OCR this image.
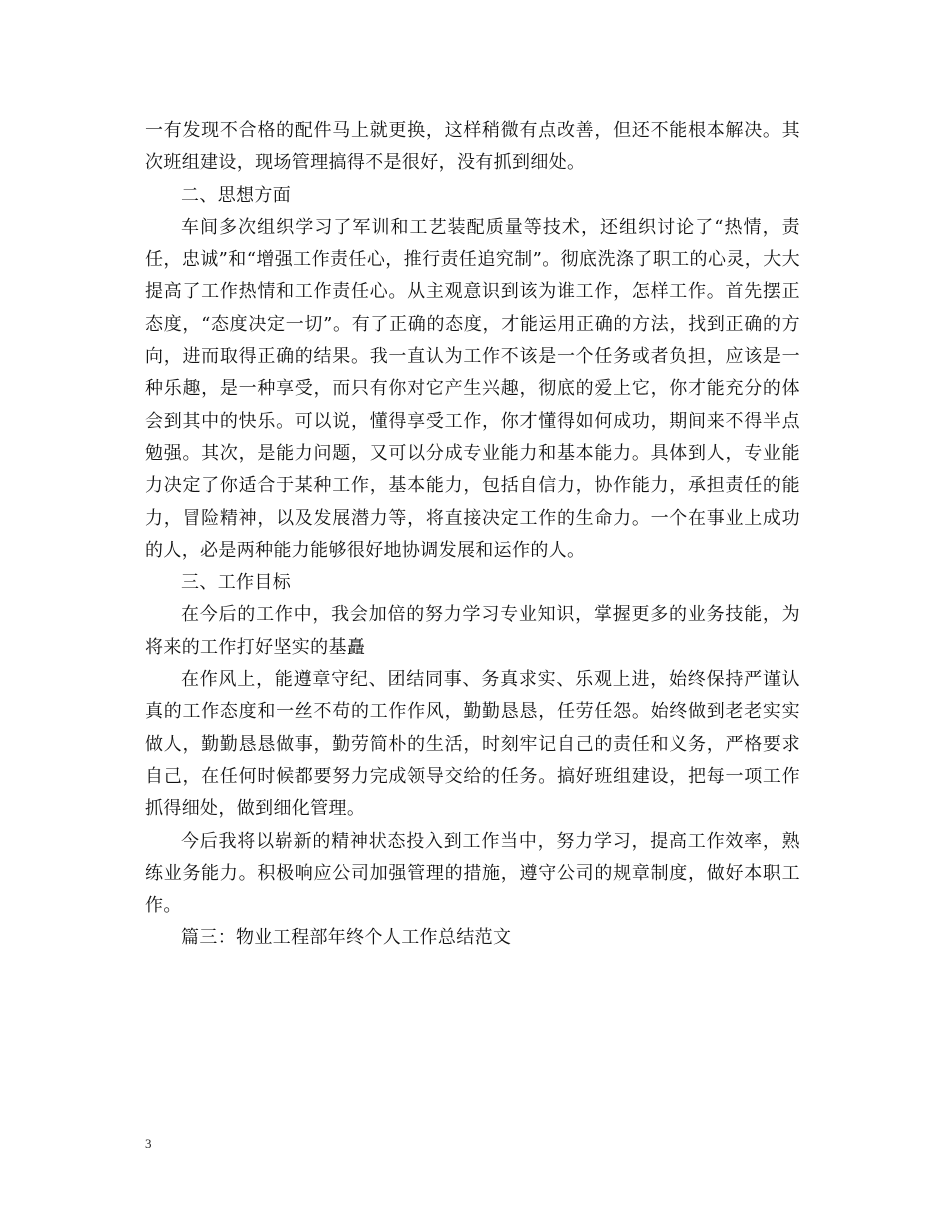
一有发现不合格的配件马上就更换，这样稍微有点改善，但还不能根本解决。其次班组建设，现场管理搞得不是很好，没有抓到细处。

二、思想方面

车间多次组织学习了军训和工艺装配质量等技术，还组织讨论了“热情，责任，忠诚”和“增强工作责任心，推行责任追究制”。彻底洗涤了职工的心灵，大大提高了工作热情和工作责任心。从主观意识到该为谁工作，怎样工作。首先摆正态度，“态度决定一切”。有了正确的态度，才能运用正确的方法，找到正确的方向，进而取得正确的结果。我一直认为工作不该是一个任务或者负担，应该是一种乐趣，是一种享受，而只有你对它产生兴趣，彻底的爱上它，你才能充分的体会到其中的快乐。可以说，懂得享受工作，你才懂得如何成功，期间来不得半点勉强。其次，是能力问题，又可以分成专业能力和基本能力。具体到人，专业能力决定了你适合于某种工作，基本能力，包括自信力，协作能力，承担责任的能力，冒险精神，以及发展潜力等，将直接决定工作的生命力。一个在事业上成功的人，必是两种能力能够很好地协调发展和运作的人。

三、工作目标

在今后的工作中，我会加倍的努力学习专业知识，掌握更多的业务技能，为将来的工作打好坚实的基矗

在作风上，能遵章守纪、团结同事、务真求实、乐观上进，始终保持严谨认真的工作态度和一丝不苟的工作作风，勤勤恳恳，任劳任怨。始终做到老老实实做人，勤勤恳恳做事，勤劳简朴的生活，时刻牢记自己的责任和义务，严格要求自己，在任何时候都要努力完成领导交给的任务。搞好班组建设，把每一项工作抓得细处，做到细化管理。

今后我将以崭新的精神状态投入到工作当中，努力学习，提高工作效率，熟练业务能力。积极响应公司加强管理的措施，遵守公司的规章制度，做好本职工作。

篇三：物业工程部年终个人工作总结范文

3
